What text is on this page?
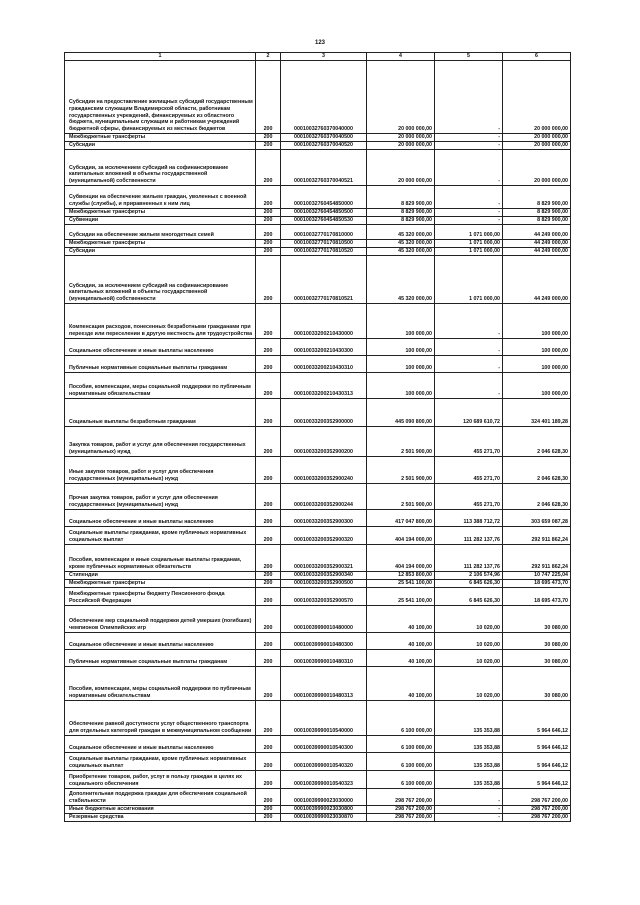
123
1	2	3	4	5	6
Субсидии на предоставление жилищных субсидий государственным гражданским служащим Владимирской области, работникам государственных учреждений, финансируемых из областного бюджета, муниципальным служащим и работникам учреждений бюджетной сферы, финансируемых из местных бюджетов	200	00010032760370040000	20 000 000,00	-	20 000 000,00
Межбюджетные трансферты	200	00010032760370040500	20 000 000,00	-	20 000 000,00
Субсидии	200	00010032760370040520	20 000 000,00	-	20 000 000,00
Субсидии, за исключением субсидий на софинансирование капитальных вложений в объекты государственной (муниципальной) собственности	200	00010032760370040521	20 000 000,00	-	20 000 000,00
Субвенции на обеспечение жильем граждан, уволенных с военной службы (службы), и приравненных к ним лиц	200	00010032760454850000	8 829 900,00	-	8 829 900,00
Межбюджетные трансферты	200	00010032760454850500	8 829 900,00	-	8 829 900,00
Субвенции	200	00010032760454850530	8 829 900,00	-	8 829 900,00
Субсидии на обеспечение жильем многодетных семей	200	00010032770170810000	45 320 000,00	1 071 000,00	44 249 000,00
Межбюджетные трансферты	200	00010032770170810500	45 320 000,00	1 071 000,00	44 249 000,00
Субсидии	200	00010032770170810520	45 320 000,00	1 071 000,00	44 249 000,00
Субсидии, за исключением субсидий на софинансирование капитальных вложений в объекты государственной (муниципальной) собственности	200	00010032770170810521	45 320 000,00	1 071 000,00	44 249 000,00
Компенсация расходов, понесенных безработными гражданами при переезде или переселении в другую местность для трудоустройства	200	00010033200210430000	100 000,00	-	100 000,00
Социальное обеспечение и иные выплаты населению	200	00010033200210430300	100 000,00	-	100 000,00
Публичные нормативные социальные выплаты гражданам	200	00010033200210430310	100 000,00	-	100 000,00
Пособия, компенсации, меры социальной поддержки по публичным нормативным обязательствам	200	00010033200210430313	100 000,00	-	100 000,00
Социальные выплаты безработным гражданам	200	00010033200352900000	445 090 800,00	120 689 610,72	324 401 189,28
Закупка товаров, работ и услуг для обеспечения государственных (муниципальных) нужд	200	00010033200352900200	2 501 900,00	455 271,70	2 046 628,30
Иные закупки товаров, работ и услуг для обеспечения государственных (муниципальных) нужд	200	00010033200352900240	2 501 900,00	455 271,70	2 046 628,30
Прочая закупка товаров, работ и услуг для обеспечения государственных (муниципальных) нужд	200	00010033200352900244	2 501 900,00	455 271,70	2 046 628,30
Социальное обеспечение и иные выплаты населению	200	00010033200352900300	417 047 800,00	113 388 712,72	303 659 087,28
Социальные выплаты гражданам, кроме публичных нормативных социальных выплат	200	00010033200352900320	404 194 000,00	111 282 137,76	292 911 862,24
Пособия, компенсации и иные социальные выплаты гражданам, кроме публичных нормативных обязательств	200	00010033200352900321	404 194 000,00	111 282 137,76	292 911 862,24
Стипендии	200	00010033200352900340	12 853 800,00	2 106 574,96	10 747 225,04
Межбюджетные трансферты	200	00010033200352900500	25 541 100,00	6 845 626,30	18 695 473,70
Межбюджетные трансферты бюджету Пенсионного фонда Российской Федерации	200	00010033200352900570	25 541 100,00	6 845 626,30	18 695 473,70
Обеспечение мер социальной поддержки детей умерших (погибших) чемпионов Олимпийских игр	200	00010039990010480000	40 100,00	10 020,00	30 080,00
Социальное обеспечение и иные выплаты населению	200	00010039990010480300	40 100,00	10 020,00	30 080,00
Публичные нормативные социальные выплаты гражданам	200	00010039990010480310	40 100,00	10 020,00	30 080,00
Пособия, компенсации, меры социальной поддержки по публичным нормативным обязательствам	200	00010039990010480313	40 100,00	10 020,00	30 080,00
Обеспечение равной доступности услуг общественного транспорта для отдельных категорий граждан в межмуниципальном сообщении	200	00010039990010540000	6 100 000,00	135 353,88	5 964 646,12
Социальное обеспечение и иные выплаты населению	200	00010039990010540300	6 100 000,00	135 353,88	5 964 646,12
Социальные выплаты гражданам, кроме публичных нормативных социальных выплат	200	00010039990010540320	6 100 000,00	135 353,88	5 964 646,12
Приобретение товаров, работ, услуг в пользу граждан в целях их социального обеспечения	200	00010039990010540323	6 100 000,00	135 353,88	5 964 646,12
Дополнительная поддержка граждан для обеспечения социальной стабильности	200	00010039990023030000	298 767 200,00	-	298 767 200,00
Иные бюджетные ассигнования	200	00010039990023030800	298 767 200,00	-	298 767 200,00
Резервные средства	200	00010039990023030870	298 767 200,00	-	298 767 200,00
